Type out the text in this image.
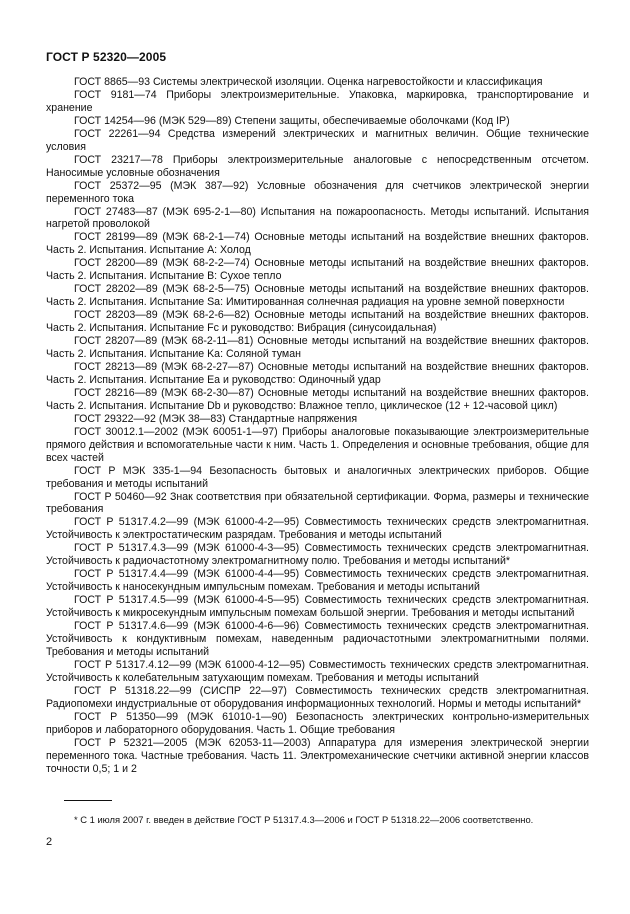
ГОСТ Р 52320—2005

ГОСТ 8865—93 Системы электрической изоляции. Оценка нагревостойкости и классификация

ГОСТ 9181—74 Приборы электроизмерительные. Упаковка, маркировка, транспортирование и хранение

ГОСТ 14254—96 (МЭК 529—89) Степени защиты, обеспечиваемые оболочками (Код IP)

ГОСТ 22261—94 Средства измерений электрических и магнитных величин. Общие технические условия

ГОСТ 23217—78 Приборы электроизмерительные аналоговые с непосредственным отсчетом. Наносимые условные обозначения

ГОСТ 25372—95 (МЭК 387—92) Условные обозначения для счетчиков электрической энергии переменного тока

ГОСТ 27483—87 (МЭК 695-2-1—80) Испытания на пожароопасность. Методы испытаний. Испытания нагретой проволокой

ГОСТ 28199—89 (МЭК 68-2-1—74) Основные методы испытаний на воздействие внешних факторов. Часть 2. Испытания. Испытание А: Холод

ГОСТ 28200—89 (МЭК 68-2-2—74) Основные методы испытаний на воздействие внешних факторов. Часть 2. Испытания. Испытание В: Сухое тепло

ГОСТ 28202—89 (МЭК 68-2-5—75) Основные методы испытаний на воздействие внешних факторов. Часть 2. Испытания. Испытание Sa: Имитированная солнечная радиация на уровне земной поверхности

ГОСТ 28203—89 (МЭК 68-2-6—82) Основные методы испытаний на воздействие внешних факторов. Часть 2. Испытания. Испытание Fc и руководство: Вибрация (синусоидальная)

ГОСТ 28207—89 (МЭК 68-2-11—81) Основные методы испытаний на воздействие внешних факторов. Часть 2. Испытания. Испытание Ka: Соляной туман

ГОСТ 28213—89 (МЭК 68-2-27—87) Основные методы испытаний на воздействие внешних факторов. Часть 2. Испытания. Испытание Еа и руководство: Одиночный удар

ГОСТ 28216—89 (МЭК 68-2-30—87) Основные методы испытаний на воздействие внешних факторов. Часть 2. Испытания. Испытание Db и руководство: Влажное тепло, циклическое (12 + 12-часовой цикл)

ГОСТ 29322—92 (МЭК 38—83) Стандартные напряжения

ГОСТ 30012.1—2002 (МЭК 60051-1—97) Приборы аналоговые показывающие электроизмерительные прямого действия и вспомогательные части к ним. Часть 1. Определения и основные требования, общие для всех частей

ГОСТ Р МЭК 335-1—94 Безопасность бытовых и аналогичных электрических приборов. Общие требования и методы испытаний

ГОСТ Р 50460—92 Знак соответствия при обязательной сертификации. Форма, размеры и технические требования

ГОСТ Р 51317.4.2—99 (МЭК 61000-4-2—95) Совместимость технических средств электромагнитная. Устойчивость к электростатическим разрядам. Требования и методы испытаний

ГОСТ Р 51317.4.3—99 (МЭК 61000-4-3—95) Совместимость технических средств электромагнитная. Устойчивость к радиочастотному электромагнитному полю. Требования и методы испытаний*

ГОСТ Р 51317.4.4—99 (МЭК 61000-4-4—95) Совместимость технических средств электромагнитная. Устойчивость к наносекундным импульсным помехам. Требования и методы испытаний

ГОСТ Р 51317.4.5—99 (МЭК 61000-4-5—95) Совместимость технических средств электромагнитная. Устойчивость к микросекундным импульсным помехам большой энергии. Требования и методы испытаний

ГОСТ Р 51317.4.6—99 (МЭК 61000-4-6—96) Совместимость технических средств электромагнитная. Устойчивость к кондуктивным помехам, наведенным радиочастотными электромагнитными полями. Требования и методы испытаний

ГОСТ Р 51317.4.12—99 (МЭК 61000-4-12—95) Совместимость технических средств электромагнитная. Устойчивость к колебательным затухающим помехам. Требования и методы испытаний

ГОСТ Р 51318.22—99 (СИСПР 22—97) Совместимость технических средств электромагнитная. Радиопомехи индустриальные от оборудования информационных технологий. Нормы и методы испытаний*

ГОСТ Р 51350—99 (МЭК 61010-1—90) Безопасность электрических контрольно-измерительных приборов и лабораторного оборудования. Часть 1. Общие требования

ГОСТ Р 52321—2005 (МЭК 62053-11—2003) Аппаратура для измерения электрической энергии переменного тока. Частные требования. Часть 11. Электромеханические счетчики активной энергии классов точности 0,5; 1 и 2

* С 1 июля 2007 г. введен в действие ГОСТ Р 51317.4.3—2006 и ГОСТ Р 51318.22—2006 соответственно.
2
